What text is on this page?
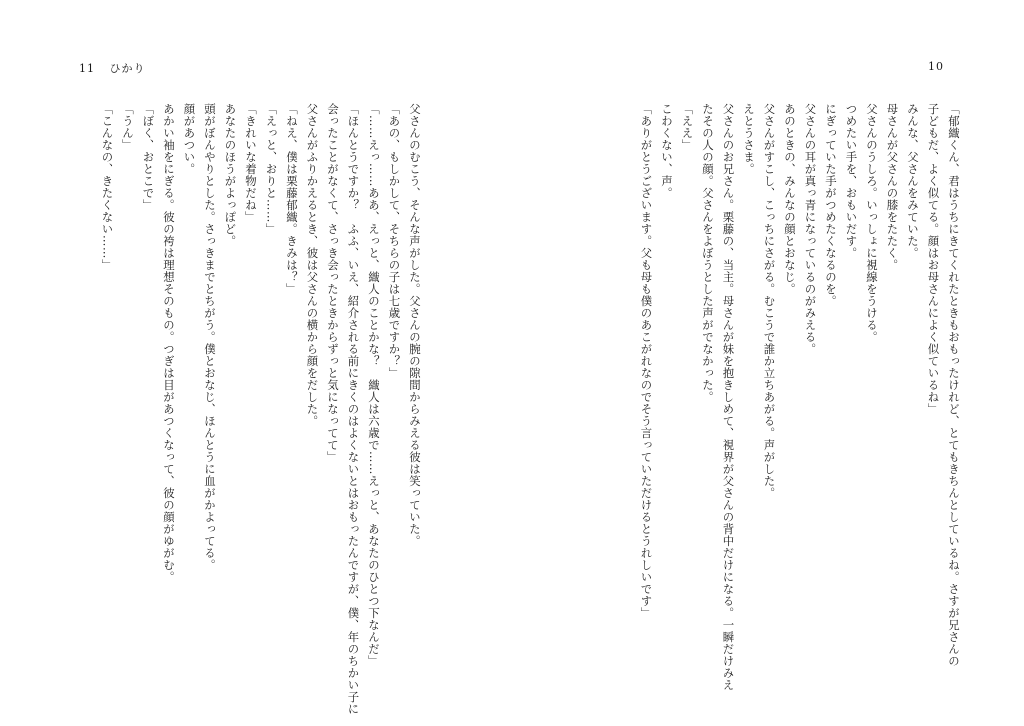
11 ひかり
父さんのむこう、そんな声がした。父さんの腕の隙間からみえる彼は笑っていた。
「あの、もしかして、そちらの子は七歳ですか？」
「……えっ……ああ、えっと、織人のことかな？　織人は六歳で……えっと、あなたのひとつ下なんだ」
「ほんとうですか？　ふふ、いえ、紹介される前にきくのはよくないとはおもったんですが、僕、年のちかい子に
会ったことがなくて、さっき会ったときからずっと気になってて」
父さんがふりかえるとき、彼は父さんの横から顔をだした。
「ねえ、僕は栗藤郁織。きみは？」
「えっと、おりと……」
「きれいな着物だね」
あなたのほうがよっぽど。
頭がぼんやりとした。さっきまでとちがう。僕とおなじ、ほんとうに血がかよってる。
顔があつい。
あかい袖をにぎる。彼の袴は理想そのもの。つぎは目があつくなって、彼の顔がゆがむ。
「ぼく、おとこで」
「うん」
「こんなの、きたくない……」
10
「郁織くん、君はうちにきてくれたときもおもったけれど、とてもきちんとしているね。さすが兄さんの
子どもだ、よく似てる。顔はお母さんによく似ているね」
みんな、父さんをみていた。
母さんが父さんの膝をたたく。
父さんのうしろ。いっしょに視線をうける。
つめたい手を、おもいだす。
にぎっていた手がつめたくなるのを。
父さんの耳が真っ青になっているのがみえる。
あのときの、みんなの顔とおなじ。
父さんがすこし、こっちにさがる。むこうで誰か立ちあがる。声がした。
えとうさま。
父さんのお兄さん。栗藤の、当主。母さんが妹を抱きしめて、視界が父さんの背中だけになる。一瞬だけみえ
たその人の顔。父さんをよぼうとした声がでなかった。
「ええ」
こわくない、声。
「ありがとうございます。父も母も僕のあこがれなのでそう言っていただけるとうれしいです」
